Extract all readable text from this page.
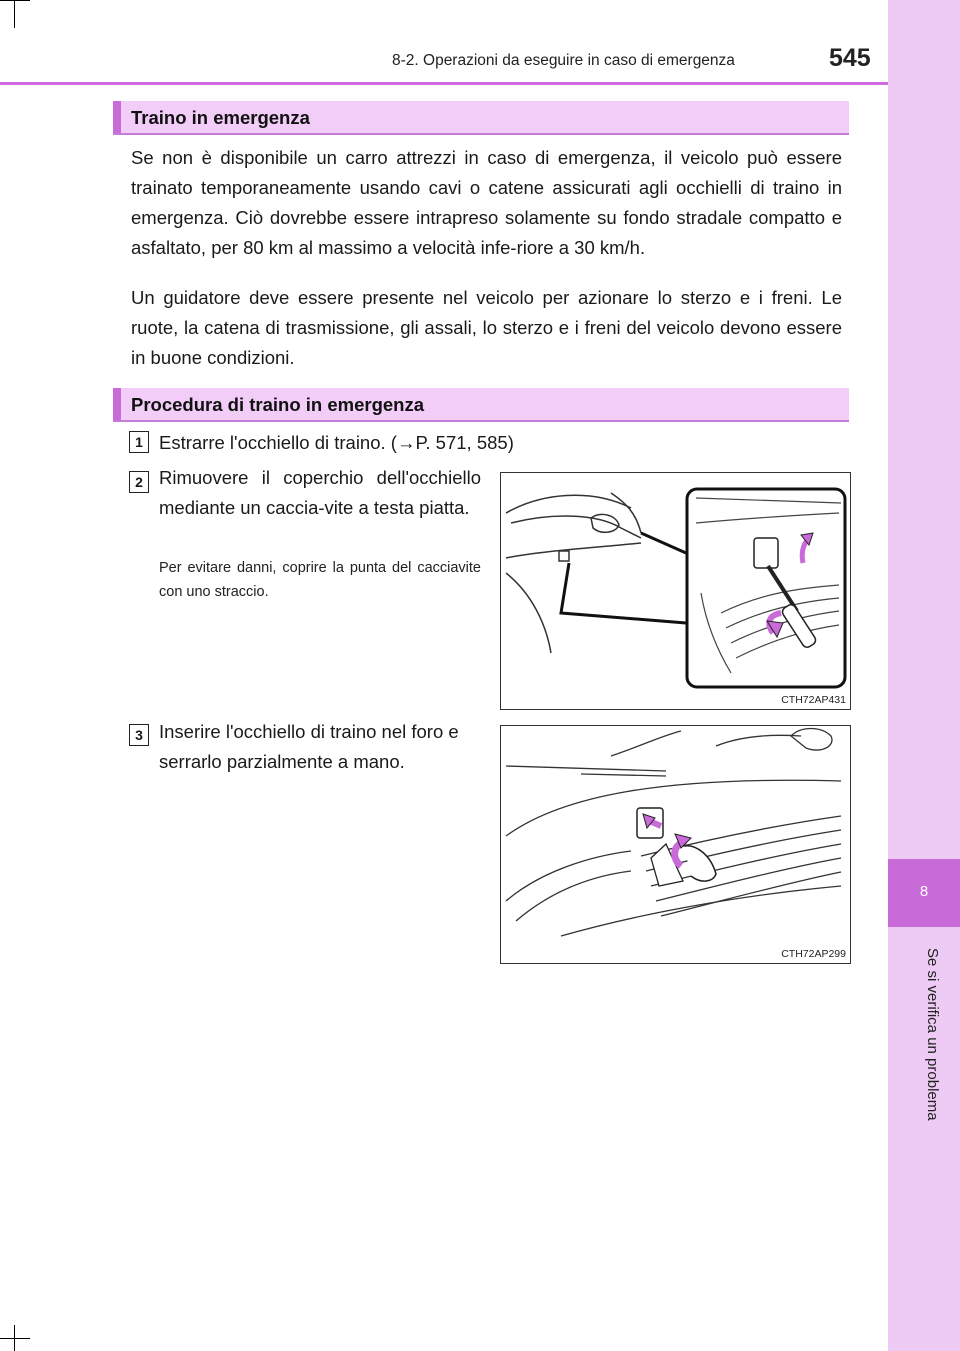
8-2. Operazioni da eseguire in caso di emergenza	545
8
Se si verifica un problema
Traino in emergenza
Se non è disponibile un carro attrezzi in caso di emergenza, il veicolo può essere trainato temporaneamente usando cavi o catene assicurati agli occhielli di traino in emergenza. Ciò dovrebbe essere intrapreso solamente su fondo stradale compatto e asfaltato, per 80 km al massimo a velocità infe-riore a 30 km/h.
Un guidatore deve essere presente nel veicolo per azionare lo sterzo e i freni. Le ruote, la catena di trasmissione, gli assali, lo sterzo e i freni del veicolo devono essere in buone condizioni.
Procedura di traino in emergenza
1 Estrarre l'occhiello di traino. (→P. 571, 585)
2 Rimuovere il coperchio dell'occhiello mediante un caccia-vite a testa piatta.
Per evitare danni, coprire la punta del cacciavite con uno straccio.
CTH72AP431
3 Inserire l'occhiello di traino nel foro e serrarlo parzialmente a mano.
CTH72AP299
